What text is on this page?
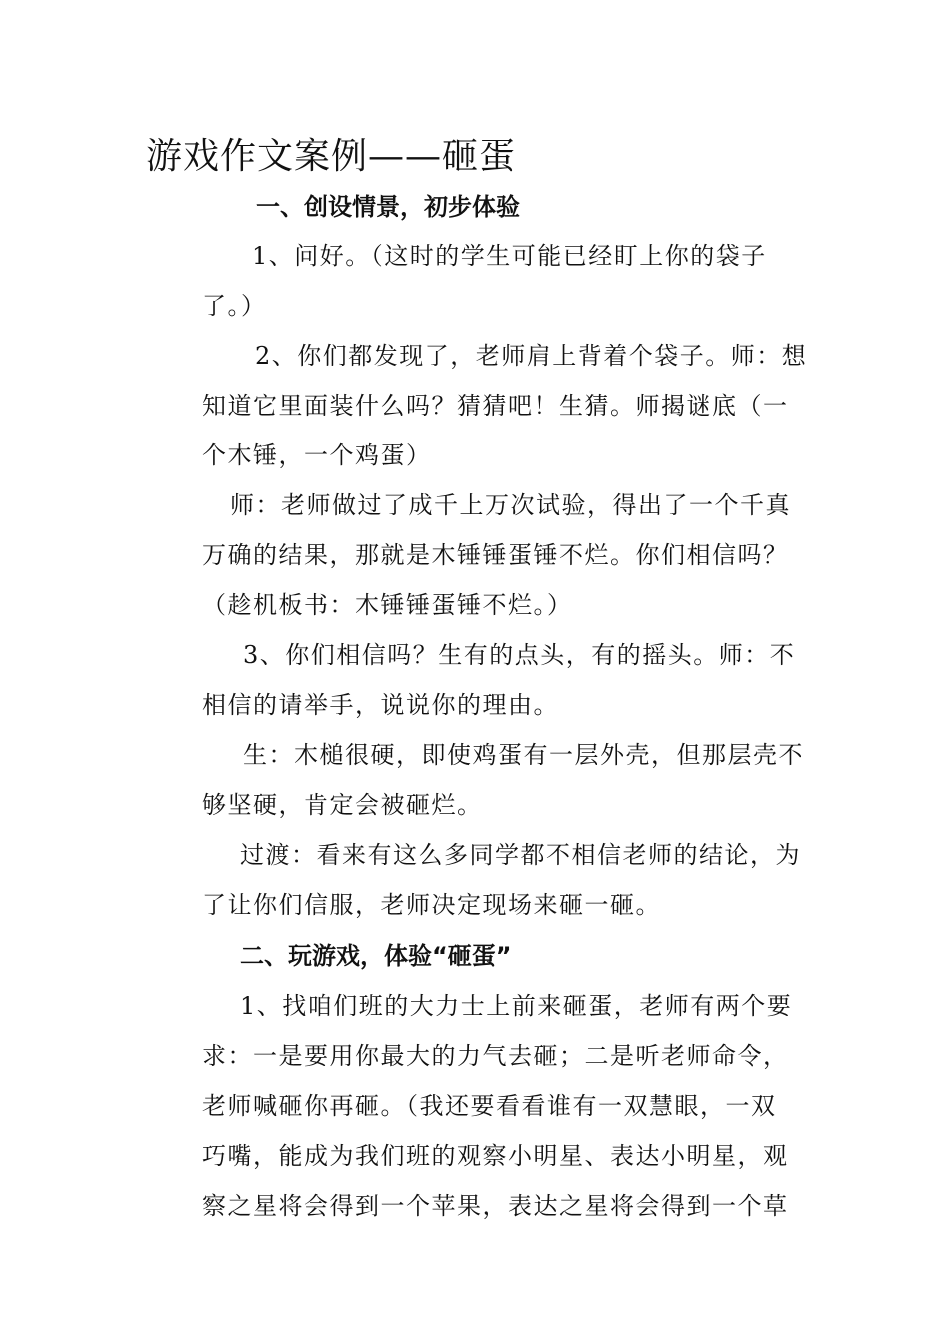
游戏作文案例——砸蛋
一、创设情景，初步体验
1、问好。（这时的学生可能已经盯上你的袋子
了。）
2、你们都发现了，老师肩上背着个袋子。师：想
知道它里面装什么吗？猜猜吧！生猜。师揭谜底（一
个木锤，一个鸡蛋）
师：老师做过了成千上万次试验，得出了一个千真
万确的结果，那就是木锤锤蛋锤不烂。你们相信吗？
（趁机板书：木锤锤蛋锤不烂。）
3、你们相信吗？生有的点头，有的摇头。师：不
相信的请举手，说说你的理由。
生：木槌很硬，即使鸡蛋有一层外壳，但那层壳不
够坚硬，肯定会被砸烂。
过渡：看来有这么多同学都不相信老师的结论，为
了让你们信服，老师决定现场来砸一砸。
二、玩游戏，体验“砸蛋”
1、找咱们班的大力士上前来砸蛋，老师有两个要
求：一是要用你最大的力气去砸；二是听老师命令，
老师喊砸你再砸。（我还要看看谁有一双慧眼，一双
巧嘴，能成为我们班的观察小明星、表达小明星，观
察之星将会得到一个苹果，表达之星将会得到一个草
